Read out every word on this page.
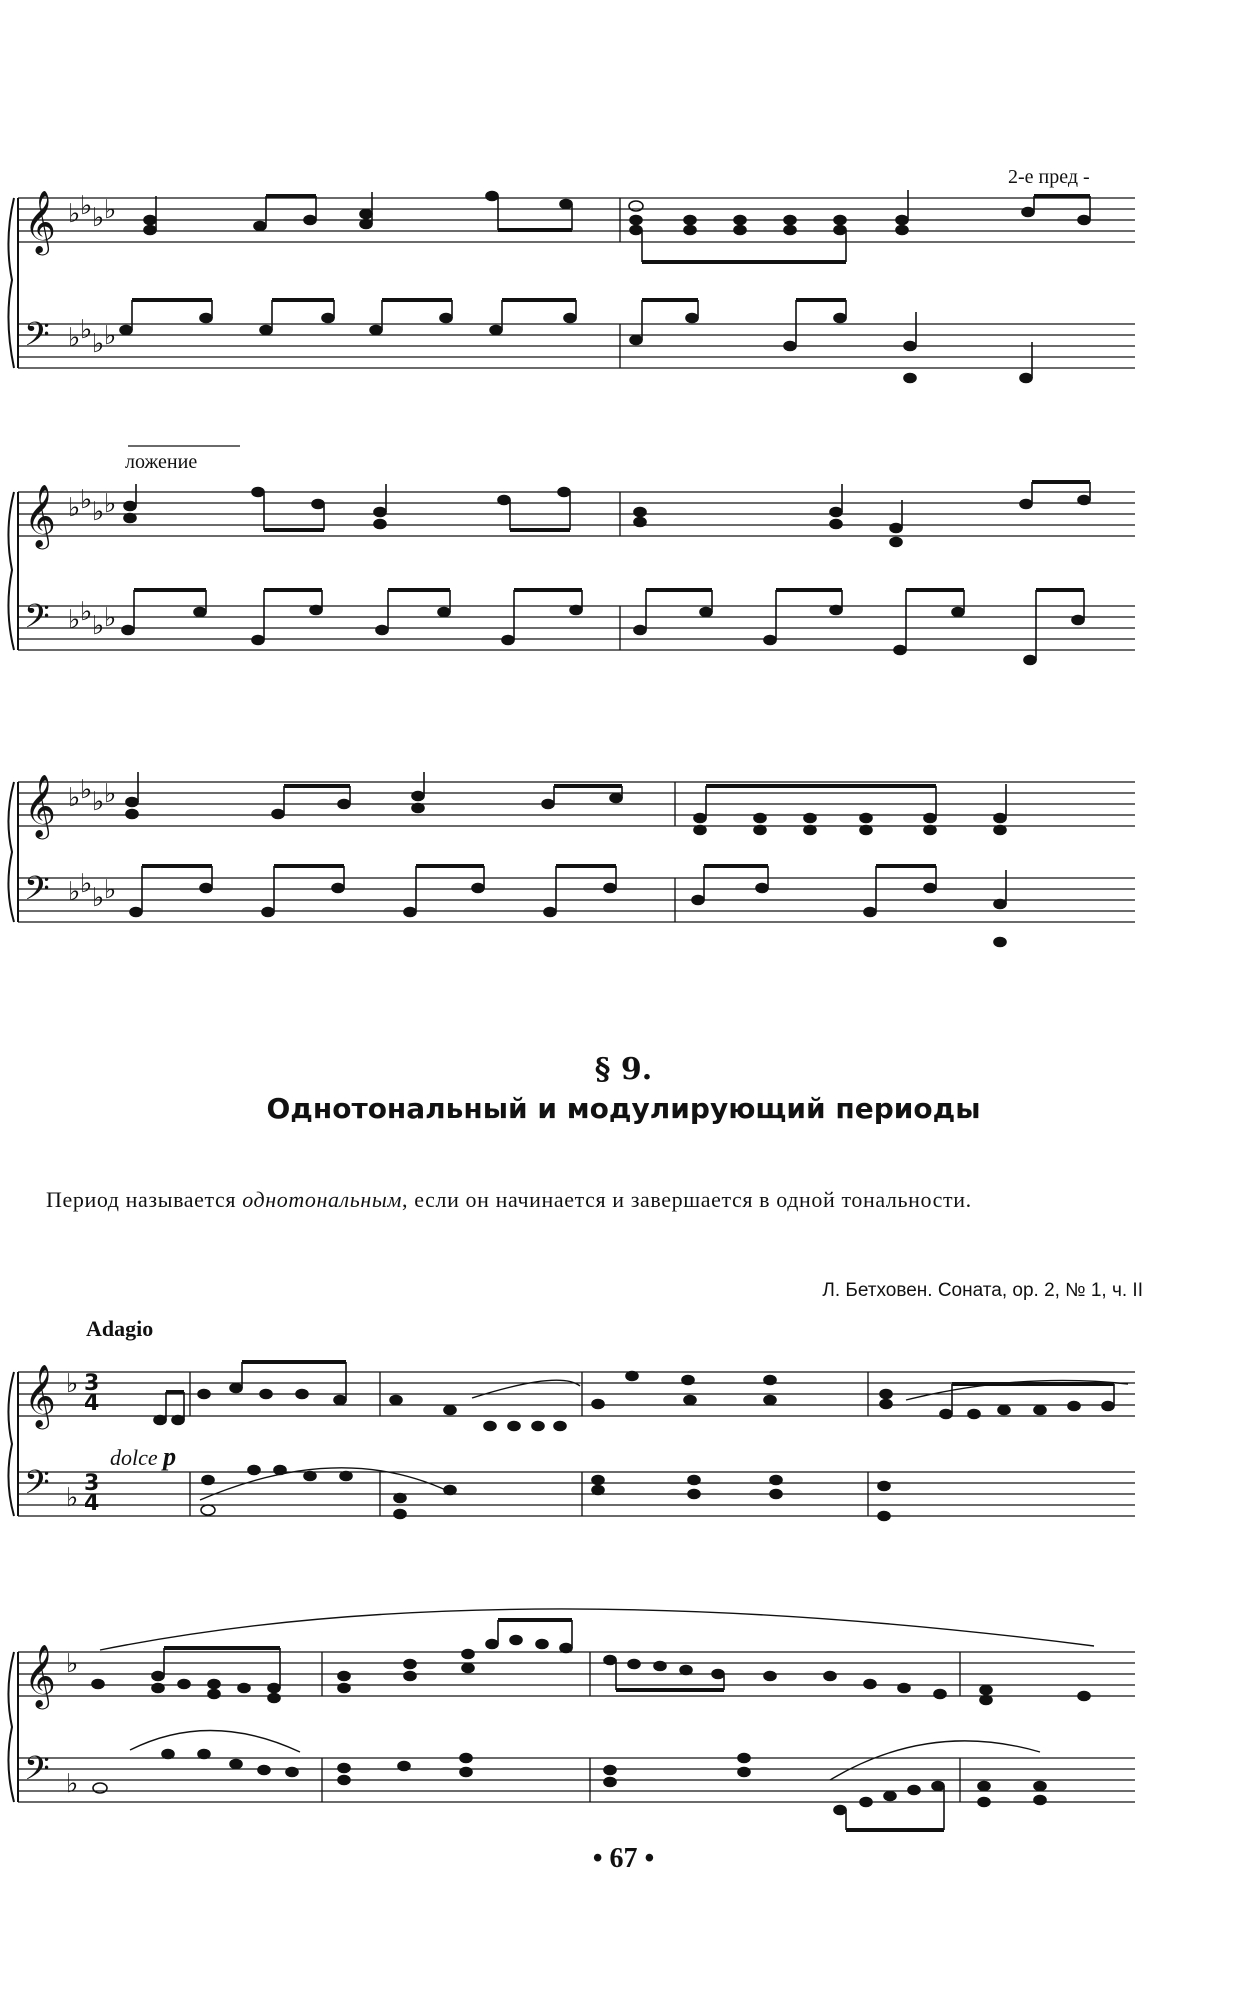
𝄞
𝄢
♭ ♭ ♭ ♭
♭ ♭ ♭ ♭
𝄞
𝄢
♭ ♭ ♭ ♭
♭ ♭ ♭ ♭
𝄞
𝄢
♭ ♭ ♭ ♭
♭ ♭ ♭ ♭
𝄞
𝄢
♭
♭
3
4
3
4
𝄞
𝄢
♭
♭
2-е пред -
ложение
§ 9.
Однотональный и модулирующий периоды
Период называется однотональным, если он начинается и завершается в одной тональности.
Л. Бетховен. Соната, op. 2, № 1, ч. II
Adagio
dolce p
• 67 •
